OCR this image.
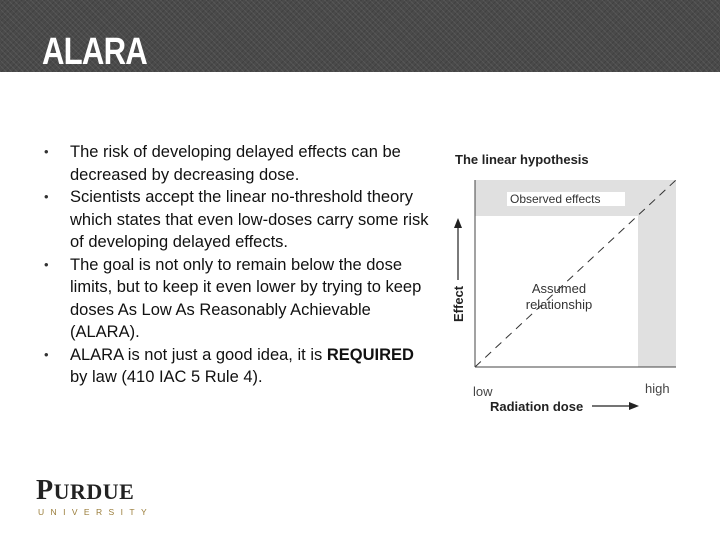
ALARA
• The risk of developing delayed effects can be decreased by decreasing dose.
• Scientists accept the linear no-threshold theory which states that even low-doses carry some risk of developing delayed effects.
• The goal is not only to remain below the dose limits, but to keep it even lower by trying to keep doses As Low As Reasonably Achievable (ALARA).
• ALARA is not just a good idea, it is REQUIRED by law (410 IAC 5 Rule 4).
The linear hypothesis
Observed effects
Assumed
relationship
Effect
low	high
Radiation dose
PURDUE
UNIVERSITY
